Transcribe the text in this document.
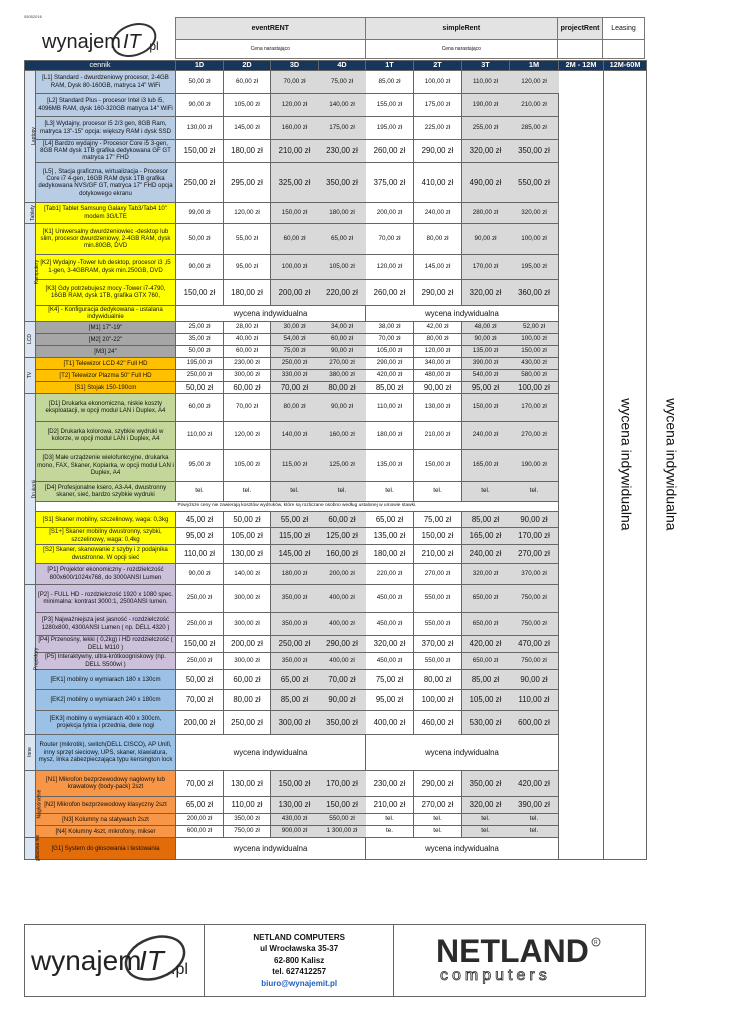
05052016
wynajem IT .pl
eventRENT	simpleRent	projectRent	Leasing
Cena narastająco	Cena narastająco		
cennik		1D	2D	3D	4D	1T	2T	3T	1M	2M - 12M	12M-60M
Laptopy	[L1] Standard - dwurdzeniowy procesor, 2-4GB RAM, Dysk 80-160GB, matryca 14" WiFi	50,00 zł	60,00 zł	70,00 zł	75,00 zł	85,00 zł	100,00 zł	110,00 zł	120,00 zł	wycena indywidualna	wycena indywidualna
	[L2] Standard Plus - procesor Intel i3 lub i5, 4096MB RAM, dysk 160-320GB matryca 14" WiFi	90,00 zł	105,00 zł	120,00 zł	140,00 zł	155,00 zł	175,00 zł	190,00 zł	210,00 zł		
	[L3] Wydajny, procesor i5 2/3 gen, 8GB Ram, matryca 13"-15" opcja: większy RAM i dysk SSD	130,00 zł	145,00 zł	160,00 zł	175,00 zł	195,00 zł	225,00 zł	255,00 zł	285,00 zł		
	[L4] Bardzo wydajny - Procesor Core i5 3-gen, 8GB RAM dysk 1TB grafika dedykowana GF GT matryca 17" FHD	150,00 zł	180,00 zł	210,00 zł	230,00 zł	260,00 zł	290,00 zł	320,00 zł	350,00 zł		
	[L5] , Stacja graficzna, wirtualizacja - Procesor Core i7 4-gen, 16GB RAM dysk 1TB grafika dedykowana NVS/GF GT, matryca 17" FHD opcja dotykowego ekranu	250,00 zł	295,00 zł	325,00 zł	350,00 zł	375,00 zł	410,00 zł	490,00 zł	550,00 zł		
Tablety	[Tab1] Tablet Samsung Galaxy Tab3/Tab4 10" modem 3G/LTE	99,00 zł	120,00 zł	150,00 zł	180,00 zł	200,00 zł	240,00 zł	280,00 zł	320,00 zł		
Komputery	[K1] Uniwersalny dwurdzeniowiec -desktop lub slim, procesor dwurdzeniowy, 2-4GB RAM, dysk min.80GB, DVD	50,00 zł	55,00 zł	60,00 zł	65,00 zł	70,00 zł	80,00 zł	90,00 zł	100,00 zł		
	[K2] Wydajny -Tower lub desktop, procesor i3 ,i5 1-gen, 3-4GBRAM, dysk min.250GB, DVD	90,00 zł	95,00 zł	100,00 zł	105,00 zł	120,00 zł	145,00 zł	170,00 zł	195,00 zł		
	[K3] Gdy potrzebujesz mocy -Tower i7-4790, 16GB RAM, dysk 1TB, grafika GTX 760,	150,00 zł	180,00 zł	200,00 zł	220,00 zł	260,00 zł	290,00 zł	320,00 zł	360,00 zł		
	[K4] - Konfiguracja dedykowana - ustalana indywidualnie	wycena indywidualna				wycena indywidualna					
LCD	[M1] 17"-19"	25,00 zł	28,00 zł	30,00 zł	34,00 zł	38,00 zł	42,00 zł	48,00 zł	52,00 zł		
	[M2] 20"-22"	35,00 zł	40,00 zł	54,00 zł	60,00 zł	70,00 zł	80,00 zł	90,00 zł	100,00 zł		
	[M3] 24"	50,00 zł	60,00 zł	75,00 zł	90,00 zł	105,00 zł	120,00 zł	135,00 zł	150,00 zł		
TV	[T1] Telewizor LCD 42" Full HD	195,00 zł	230,00 zł	250,00 zł	270,00 zł	290,00 zł	340,00 zł	390,00 zł	430,00 zł		
	[T2] Telewizor Plazma 50" Full HD	250,00 zł	300,00 zł	330,00 zł	380,00 zł	420,00 zł	480,00 zł	540,00 zł	580,00 zł		
	[S1] Stojak 150-190cm	50,00 zł	60,00 zł	70,00 zł	80,00 zł	85,00 zł	90,00 zł	95,00 zł	100,00 zł		
Drukarki	[D1] Drukarka ekonomiczna, niskie koszty eksploatacji, w opcji moduł LAN i Duplex, A4	60,00 zł	70,00 zł	80,00 zł	90,00 zł	110,00 zł	130,00 zł	150,00 zł	170,00 zł		
	[D2] Drukarka kolorowa, szybkie wydruki w kolorze, w opcji moduł LAN i Duplex, A4	110,00 zł	120,00 zł	140,00 zł	160,00 zł	180,00 zł	210,00 zł	240,00 zł	270,00 zł		
	[D3] Małe urządzenie wielofunkcyjne, drukarka mono, FAX, Skaner, Kopiarka, w opcji moduł LAN i Duplex, A4	95,00 zł	105,00 zł	115,00 zł	125,00 zł	135,00 zł	150,00 zł	165,00 zł	190,00 zł		
	[D4] Profesjonalne ksero, A3-A4, dwustronny skaner, sieć, bardzo szybkie wydruki	tel.	tel.	tel.	tel.	tel.	tel.	tel.	tel.		
	Powyższe ceny nie zawierają kosztów wydruków, które są rozliczane osobno według ustalonej w umowie stawki.										
	[S1] Skaner mobilny, szczelinowy, waga: 0,3kg	45,00 zł	50,00 zł	55,00 zł	60,00 zł	65,00 zł	75,00 zł	85,00 zł	90,00 zł		
	[S1+] Skaner mobilny dwustronny, szybki, szczelinowy, waga: 0,4kg	95,00 zł	105,00 zł	115,00 zł	125,00 zł	135,00 zł	150,00 zł	165,00 zł	170,00 zł		
	[S2] Skaner, skanowanie z szyby i z podajnika dwustronne. W opcji sieć	110,00 zł	130,00 zł	145,00 zł	160,00 zł	180,00 zł	210,00 zł	240,00 zł	270,00 zł		
	[P1] Projektor ekonomiczny - rozdzielczość 800x600/1024x768, do 3000ANSI Lumen	90,00 zł	140,00 zł	180,00 zł	200,00 zł	220,00 zł	270,00 zł	320,00 zł	370,00 zł		
Projektory	[P2] - FULL HD - rozdzielczość 1920 x 1080 spec. minimalna: kontrast 3000:1, 2500ANSI lumen.	250,00 zł	300,00 zł	350,00 zł	400,00 zł	450,00 zł	550,00 zł	650,00 zł	750,00 zł		
	[P3] Najważniejsza jest jasność - rozdzielczość 1280x800, 4300ANSI Lumen ( np. DELL 4320 )	250,00 zł	300,00 zł	350,00 zł	400,00 zł	450,00 zł	550,00 zł	650,00 zł	750,00 zł		
	[P4] Przenośny, lekki ( 0,2kg) i HD rozdzielczość ( DELL M110 )	150,00 zł	200,00 zł	250,00 zł	290,00 zł	320,00 zł	370,00 zł	420,00 zł	470,00 zł		
	[P5] Interaktywny, ultra-krótkoogniskowy (np. DELL S500wi )	250,00 zł	300,00 zł	350,00 zł	400,00 zł	450,00 zł	550,00 zł	650,00 zł	750,00 zł		
	[EK1] mobilny o wymiarach 180 x 130cm	50,00 zł	60,00 zł	65,00 zł	70,00 zł	75,00 zł	80,00 zł	85,00 zł	90,00 zł		
	[EK2] mobilny o wymiarach 240 x 180cm	70,00 zł	80,00 zł	85,00 zł	90,00 zł	95,00 zł	100,00 zł	105,00 zł	110,00 zł		
	[EK3] mobilny o wymiarach 400 x 300cm, projekcja tylnia i przednia, dwie nogi	200,00 zł	250,00 zł	300,00 zł	350,00 zł	400,00 zł	460,00 zł	530,00 zł	600,00 zł		
Inne	Router (mikrotik), switch(DELL CISCO), AP Unifi, inny sprzęt sieciowy, UPS, skaner, klawiatura, mysz, linka zabezpieczająca typu kensington lock	wycena indywidualna				wycena indywidualna					
Nagłośnienie	[N1] Mikrofon bezprzewodowy nagłowny lub krawatowy (body-pack) 2szt	70,00 zł	130,00 zł	150,00 zł	170,00 zł	230,00 zł	290,00 zł	350,00 zł	420,00 zł		
	[N2] Mikrofon bezprzewodowy klasyczny 2szt	65,00 zł	110,00 zł	130,00 zł	150,00 zł	210,00 zł	270,00 zł	320,00 zł	390,00 zł		
	[N3] Kolumny na statywach 2szt	200,00 zł	350,00 zł	430,00 zł	550,00 zł	tel.	tel.	tel.	tel.		
	[N4] Kolumny 4szt, mikrofony, mikser	600,00 zł	750,00 zł	900,00 zł	1 300,00 zł	te.	tel.	tel.	tel.		
głosowa nie	[G1] System do głosowania i testowania	wycena indywidualna				wycena indywidualna					
wynajem
IT .pl

NETLAND COMPUTERS
ul Wrocławska 35-37
62-800 Kalisz
tel. 627412257
biuro@wynajemit.pl

NETLAND R
computers
